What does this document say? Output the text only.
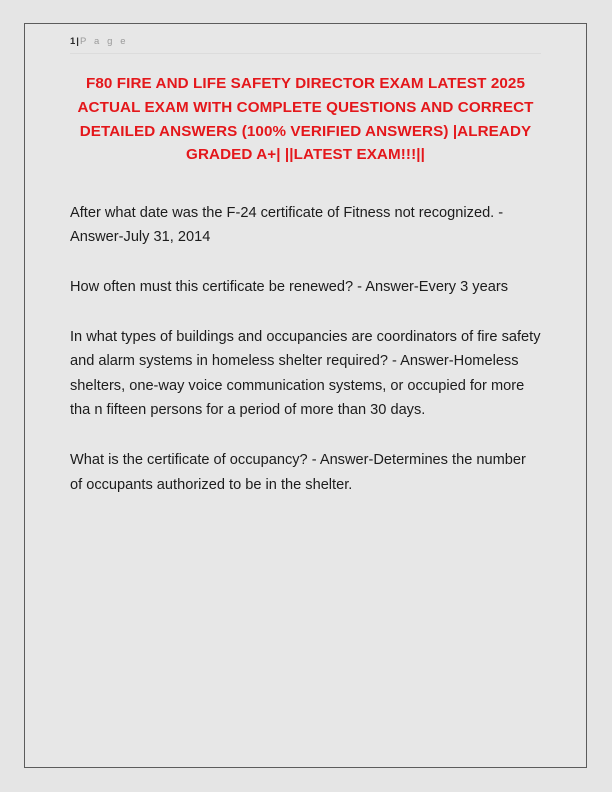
1|P a g e
F80 FIRE AND LIFE SAFETY DIRECTOR EXAM LATEST 2025 ACTUAL EXAM WITH COMPLETE QUESTIONS AND CORRECT DETAILED ANSWERS (100% VERIFIED ANSWERS) |ALREADY GRADED A+| ||LATEST EXAM!!!||

After what date was the F-24 certificate of Fitness not recognized. - Answer-July 31, 2014

How often must this certificate be renewed? - Answer-Every 3 years

In what types of buildings and occupancies are coordinators of fire safety and alarm systems in homeless shelter required? - Answer-Homeless shelters, one-way voice communication systems, or occupied for more tha n fifteen persons for a period of more than 30 days.

What is the certificate of occupancy? - Answer-Determines the number of occupants authorized to be in the shelter.
